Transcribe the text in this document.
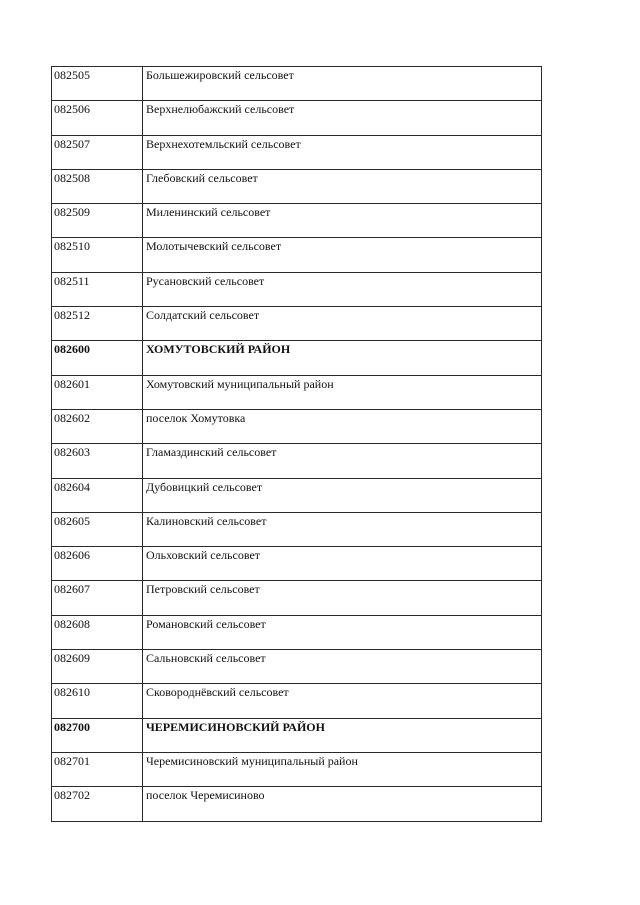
082505	Большежировский сельсовет

082506	Верхнелюбажский сельсовет

082507	Верхнехотемльский сельсовет

082508	Глебовский сельсовет

082509	Миленинский сельсовет

082510	Молотычевский сельсовет

082511	Русановский сельсовет

082512	Солдатский сельсовет

082600	ХОМУТОВСКИЙ РАЙОН

082601	Хомутовский муниципальный район

082602	поселок Хомутовка

082603	Гламаздинский сельсовет

082604	Дубовицкий сельсовет

082605	Калиновский сельсовет

082606	Ольховский сельсовет

082607	Петровский сельсовет

082608	Романовский сельсовет

082609	Сальновский сельсовет

082610	Сковороднёвский сельсовет

082700	ЧЕРЕМИСИНОВСКИЙ РАЙОН

082701	Черемисиновский муниципальный район

082702	поселок Черемисиново
